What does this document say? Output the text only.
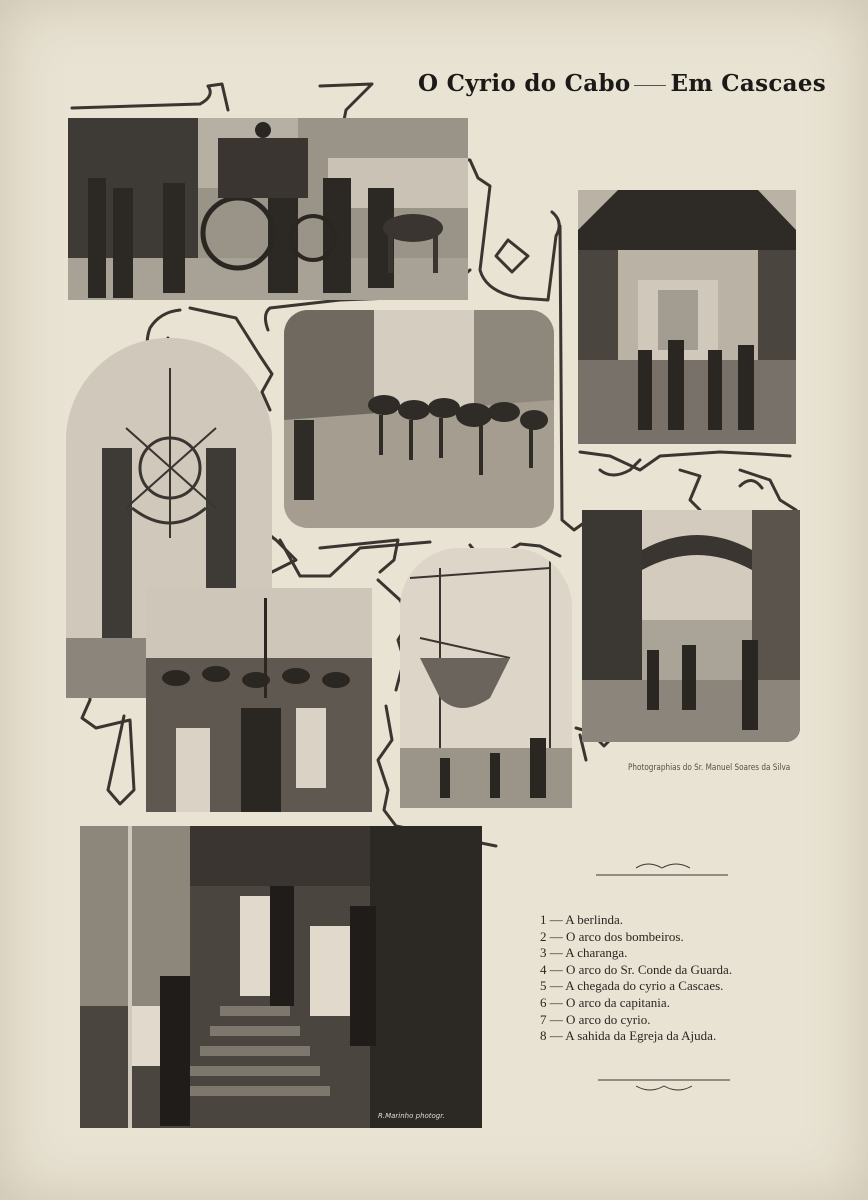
O Cyrio do Cabo Em Cascaes
R.Marinho photogr.
Photographias do Sr. Manuel Soares da Silva
1 — A berlinda.
2 — O arco dos bombeiros.
3 — A charanga.
4 — O arco do Sr. Conde da Guarda.
5 — A chegada do cyrio a Cascaes.
6 — O arco da capitania.
7 — O arco do cyrio.
8 — A sahida da Egreja da Ajuda.
